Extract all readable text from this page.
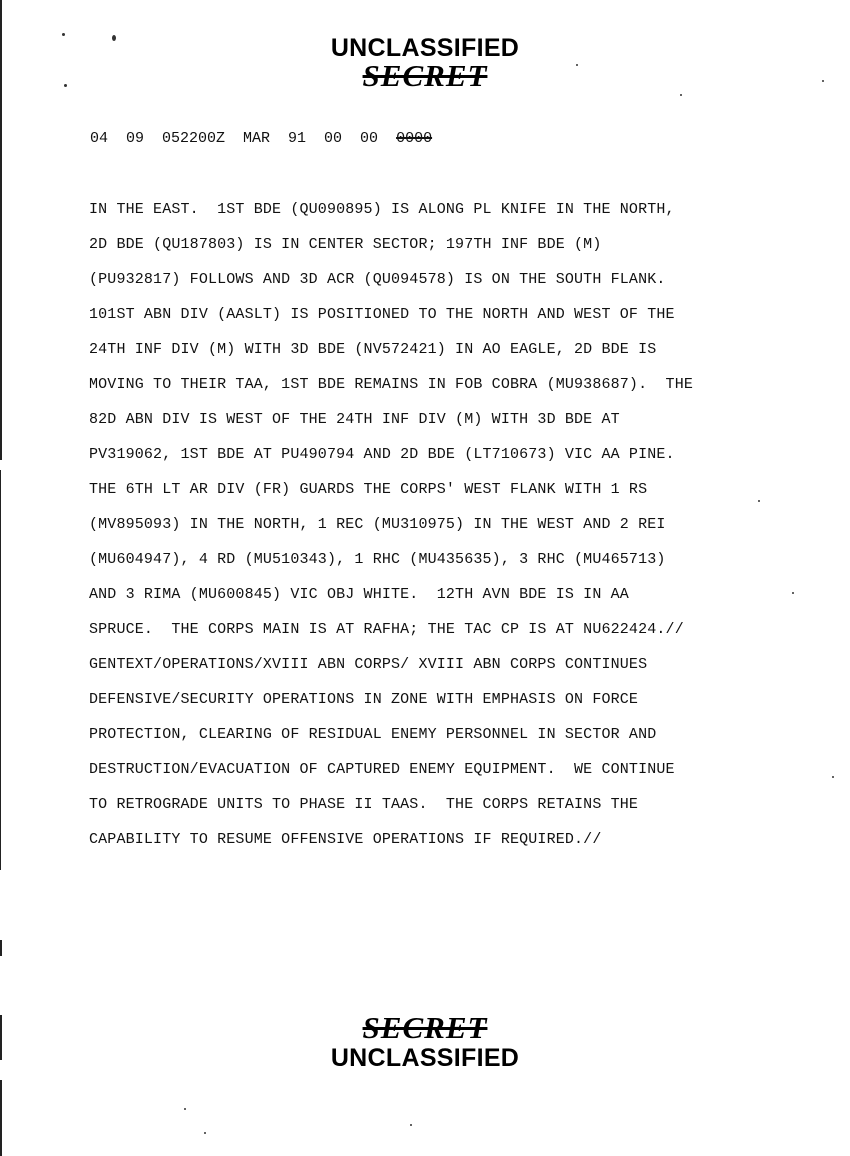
UNCLASSIFIED
SECRET
04  09  052200Z  MAR  91  00  00  0000
IN THE EAST.  1ST BDE (QU090895) IS ALONG PL KNIFE IN THE NORTH,
2D BDE (QU187803) IS IN CENTER SECTOR; 197TH INF BDE (M)
(PU932817) FOLLOWS AND 3D ACR (QU094578) IS ON THE SOUTH FLANK.
101ST ABN DIV (AASLT) IS POSITIONED TO THE NORTH AND WEST OF THE
24TH INF DIV (M) WITH 3D BDE (NV572421) IN AO EAGLE, 2D BDE IS
MOVING TO THEIR TAA, 1ST BDE REMAINS IN FOB COBRA (MU938687).  THE
82D ABN DIV IS WEST OF THE 24TH INF DIV (M) WITH 3D BDE AT
PV319062, 1ST BDE AT PU490794 AND 2D BDE (LT710673) VIC AA PINE.
THE 6TH LT AR DIV (FR) GUARDS THE CORPS' WEST FLANK WITH 1 RS
(MV895093) IN THE NORTH, 1 REC (MU310975) IN THE WEST AND 2 REI
(MU604947), 4 RD (MU510343), 1 RHC (MU435635), 3 RHC (MU465713)
AND 3 RIMA (MU600845) VIC OBJ WHITE.  12TH AVN BDE IS IN AA
SPRUCE.  THE CORPS MAIN IS AT RAFHA; THE TAC CP IS AT NU622424.//
GENTEXT/OPERATIONS/XVIII ABN CORPS/ XVIII ABN CORPS CONTINUES
DEFENSIVE/SECURITY OPERATIONS IN ZONE WITH EMPHASIS ON FORCE
PROTECTION, CLEARING OF RESIDUAL ENEMY PERSONNEL IN SECTOR AND
DESTRUCTION/EVACUATION OF CAPTURED ENEMY EQUIPMENT.  WE CONTINUE
TO RETROGRADE UNITS TO PHASE II TAAS.  THE CORPS RETAINS THE
CAPABILITY TO RESUME OFFENSIVE OPERATIONS IF REQUIRED.//
SECRET
UNCLASSIFIED
